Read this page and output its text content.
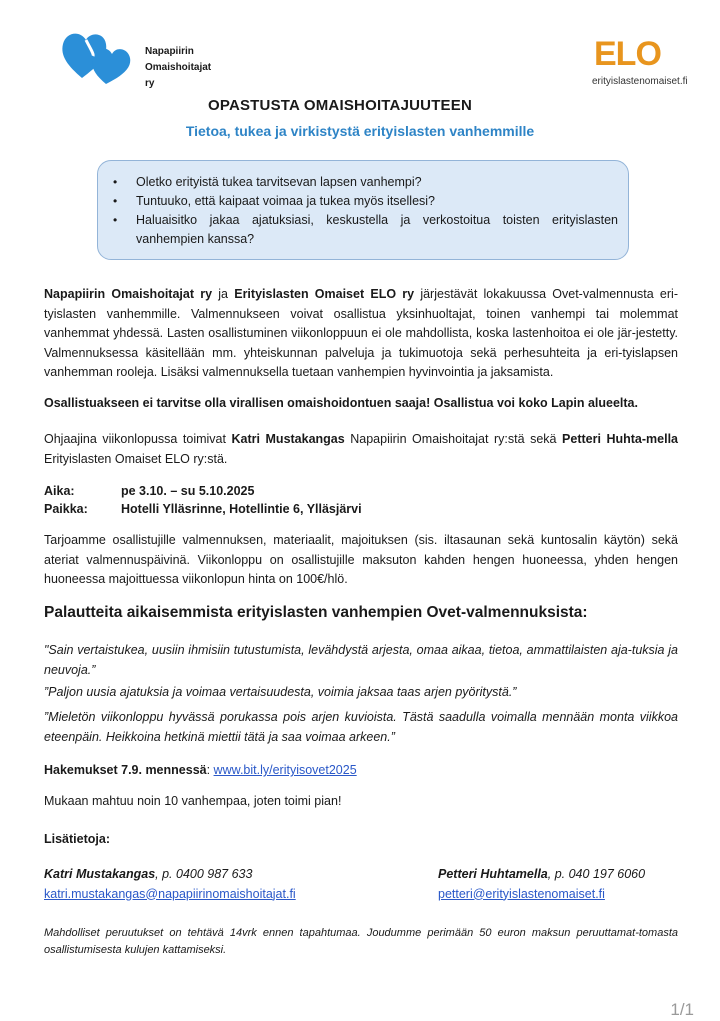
Napapiirin
Omaishoitajat ry
ELO
erityislastenomaiset.fi
OPASTUSTA OMAISHOITAJUUTEEN
Tietoa, tukea ja virkistystä erityislasten vanhemmille
• Oletko erityistä tukea tarvitsevan lapsen vanhempi?
• Tuntuuko, että kaipaat voimaa ja tukea myös itsellesi?
• Haluaisitko jakaa ajatuksiasi, keskustella ja verkostoitua toisten erityislasten vanhempien kanssa?
Napapiirin Omaishoitajat ry ja Erityislasten Omaiset ELO ry järjestävät lokakuussa Ovet-valmennusta eri-tyislasten vanhemmille. Valmennukseen voivat osallistua yksinhuoltajat, toinen vanhempi tai molemmat vanhemmat yhdessä. Lasten osallistuminen viikonloppuun ei ole mahdollista, koska lastenhoitoa ei ole jär-jestetty. Valmennuksessa käsitellään mm. yhteiskunnan palveluja ja tukimuotoja sekä perhesuhteita ja eri-tyislapsen vanhemman rooleja. Lisäksi valmennuksella tuetaan vanhempien hyvinvointia ja jaksamista.
Osallistuakseen ei tarvitse olla virallisen omaishoidontuen saaja! Osallistua voi koko Lapin alueelta.
Ohjaajina viikonlopussa toimivat Katri Mustakangas Napapiirin Omaishoitajat ry:stä sekä Petteri Huhta-mella Erityislasten Omaiset ELO ry:stä.
Aika:	pe 3.10. – su 5.10.2025
Paikka:	Hotelli Ylläsrinne, Hotellintie 6, Ylläsjärvi
Tarjoamme osallistujille valmennuksen, materiaalit, majoituksen (sis. iltasaunan sekä kuntosalin käytön) sekä ateriat valmennuspäivinä. Viikonloppu on osallistujille maksuton kahden hengen huoneessa, yhden hengen huoneessa majoittuessa viikonlopun hinta on 100€/hlö.
Palautteita aikaisemmista erityislasten vanhempien Ovet-valmennuksista:
"Sain vertaistukea, uusiin ihmisiin tutustumista, levähdystä arjesta, omaa aikaa, tietoa, ammattilaisten aja-tuksia ja neuvoja.”
”Paljon uusia ajatuksia ja voimaa vertaisuudesta, voimia jaksaa taas arjen pyöritystä.”
”Mieletön viikonloppu hyvässä porukassa pois arjen kuvioista. Tästä saadulla voimalla mennään monta viikkoa eteenpäin. Heikkoina hetkinä miettii tätä ja saa voimaa arkeen.”
Hakemukset 7.9. mennessä: www.bit.ly/erityisovet2025
Mukaan mahtuu noin 10 vanhempaa, joten toimi pian!
Lisätietoja:
Katri Mustakangas, p. 0400 987 633
katri.mustakangas@napapiirinomaishoitajat.fi
Petteri Huhtamella, p. 040 197 6060
petteri@erityislastenomaiset.fi
Mahdolliset peruutukset on tehtävä 14vrk ennen tapahtumaa. Joudumme perimään 50 euron maksun peruuttamat-tomasta osallistumisesta kulujen kattamiseksi.
1/1
